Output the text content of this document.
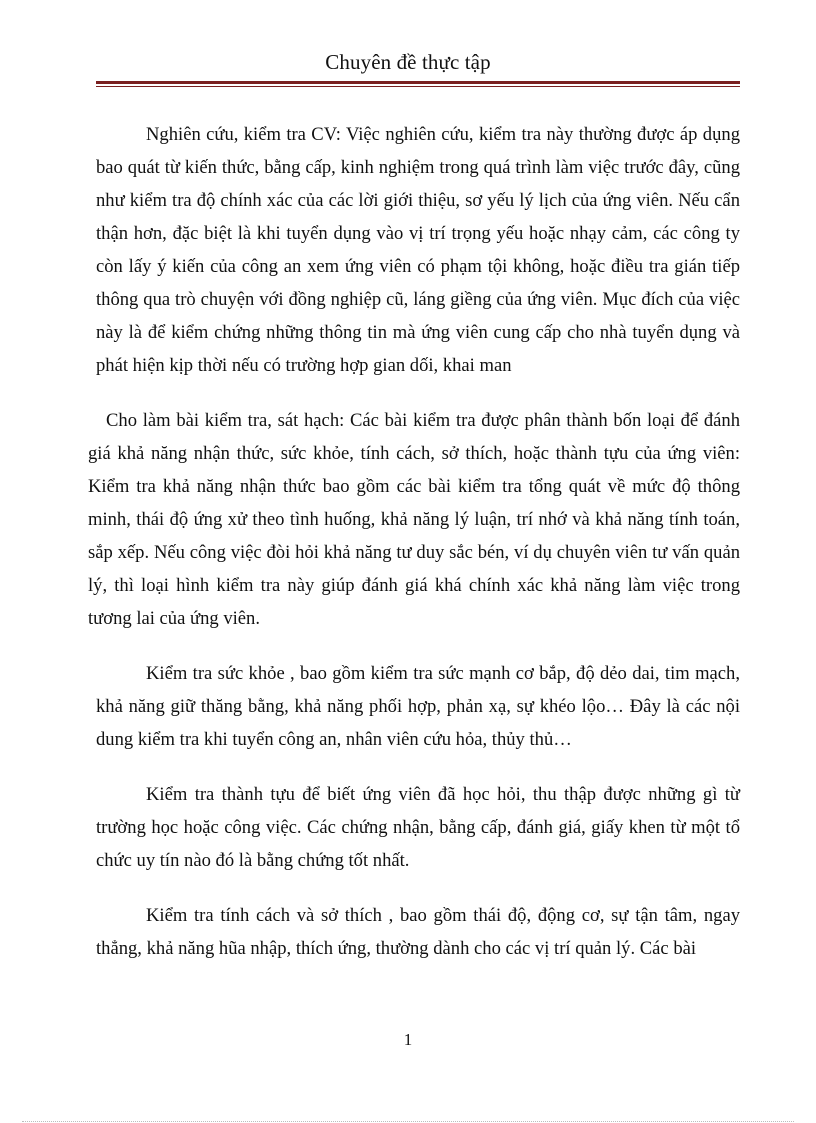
Chuyên đề thực tập

Nghiên cứu, kiểm tra CV: Việc nghiên cứu, kiểm tra này thường được áp dụng bao quát từ kiến thức, bằng cấp, kinh nghiệm trong quá trình làm việc trước đây, cũng như kiểm tra độ chính xác của các lời giới thiệu, sơ yếu lý lịch của ứng viên. Nếu cẩn thận hơn, đặc biệt là khi tuyển dụng vào vị trí trọng yếu hoặc nhạy cảm, các công ty còn lấy ý kiến của công an xem ứng viên có phạm tội không, hoặc điều tra gián tiếp thông qua trò chuyện với đồng nghiệp cũ, láng giềng của ứng viên. Mục đích của việc này là để kiểm chứng những thông tin mà ứng viên cung cấp cho nhà tuyển dụng và phát hiện kịp thời nếu có trường hợp gian dối, khai man

Cho làm bài kiểm tra, sát hạch: Các bài kiểm tra được phân thành bốn loại để đánh giá khả năng nhận thức, sức khỏe, tính cách, sở thích, hoặc thành tựu của ứng viên: Kiểm tra khả năng nhận thức bao gồm các bài kiểm tra tổng quát về mức độ thông minh, thái độ ứng xử theo tình huống, khả năng lý luận, trí nhớ và khả năng tính toán, sắp xếp. Nếu công việc đòi hỏi khả năng tư duy sắc bén, ví dụ chuyên viên tư vấn quản lý, thì loại hình kiểm tra này giúp đánh giá khá chính xác khả năng làm việc trong tương lai của ứng viên.

Kiểm tra sức khỏe , bao gồm kiểm tra sức mạnh cơ bắp, độ dẻo dai, tim mạch, khả năng giữ thăng bằng, khả năng phối hợp, phản xạ, sự khéo lộo… Đây là các nội dung kiểm tra khi tuyển công an, nhân viên cứu hỏa, thủy thủ…

Kiểm tra thành tựu để biết ứng viên đã học hỏi, thu thập được những gì từ trường học hoặc công việc. Các chứng nhận, bằng cấp, đánh giá, giấy khen từ một tổ chức uy tín nào đó là bằng chứng tốt nhất.

Kiểm tra tính cách và sở thích , bao gồm thái độ, động cơ, sự tận tâm, ngay thẳng, khả năng hũa nhập, thích ứng, thường dành cho các vị trí quản lý. Các bài

1
